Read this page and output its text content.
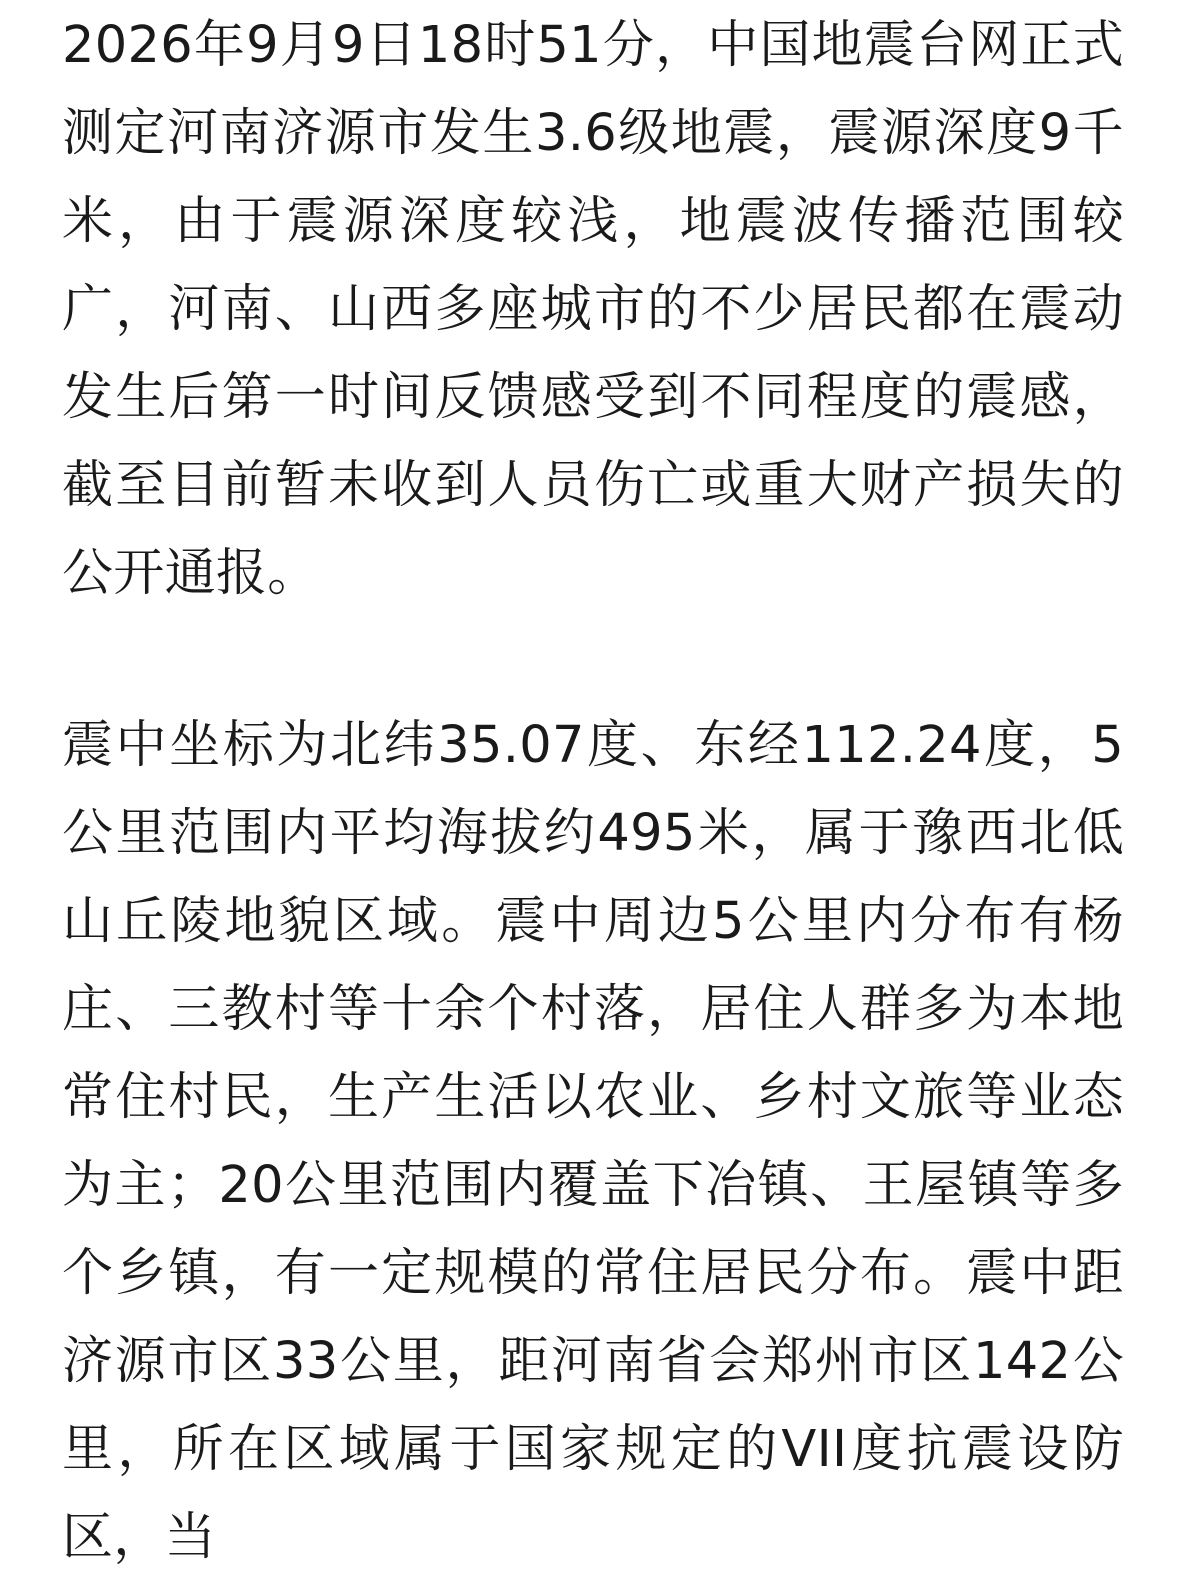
2026年9月9日18时51分，中国地震台网正式测定河南济源市发生3.6级地震，震源深度9千米，由于震源深度较浅，地震波传播范围较广，河南、山西多座城市的不少居民都在震动发生后第一时间反馈感受到不同程度的震感，截至目前暂未收到人员伤亡或重大财产损失的公开通报。

震中坐标为北纬35.07度、东经112.24度，5公里范围内平均海拔约495米，属于豫西北低山丘陵地貌区域。震中周边5公里内分布有杨庄、三教村等十余个村落，居住人群多为本地常住村民，生产生活以农业、乡村文旅等业态为主；20公里范围内覆盖下冶镇、王屋镇等多个乡镇，有一定规模的常住居民分布。震中距济源市区33公里，距河南省会郑州市区142公里，所在区域属于国家规定的VII度抗震设防区，当
